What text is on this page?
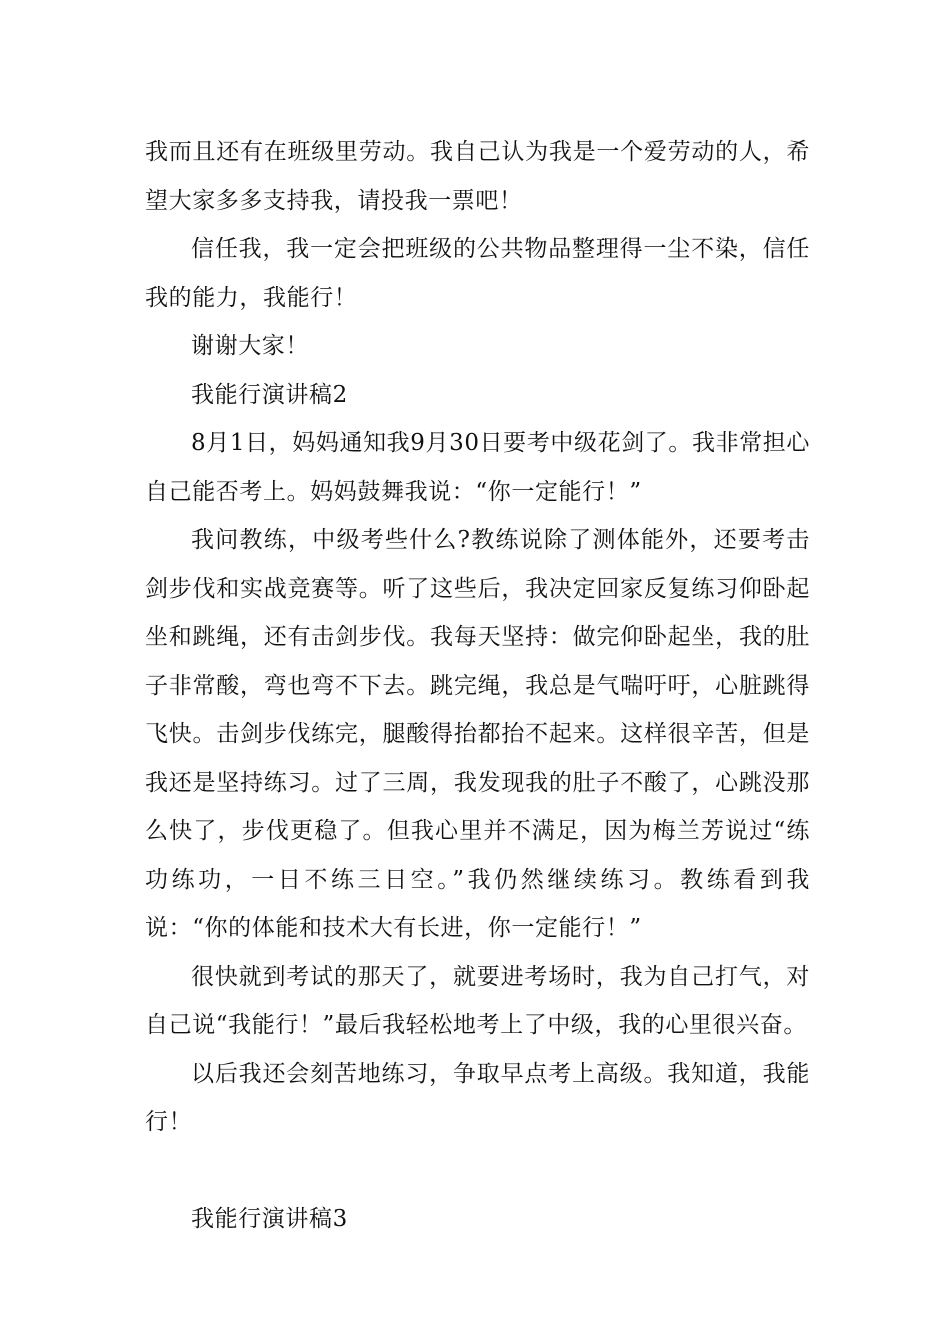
我而且还有在班级里劳动。我自己认为我是一个爱劳动的人，希望大家多多支持我，请投我一票吧！

信任我，我一定会把班级的公共物品整理得一尘不染，信任我的能力，我能行！

谢谢大家！

我能行演讲稿2

8月1日，妈妈通知我9月30日要考中级花剑了。我非常担心自己能否考上。妈妈鼓舞我说：“你一定能行！”

我问教练，中级考些什么?教练说除了测体能外，还要考击剑步伐和实战竞赛等。听了这些后，我决定回家反复练习仰卧起坐和跳绳，还有击剑步伐。我每天坚持：做完仰卧起坐，我的肚子非常酸，弯也弯不下去。跳完绳，我总是气喘吁吁，心脏跳得飞快。击剑步伐练完，腿酸得抬都抬不起来。这样很辛苦，但是我还是坚持练习。过了三周，我发现我的肚子不酸了，心跳没那么快了，步伐更稳了。但我心里并不满足，因为梅兰芳说过“练功练功，一日不练三日空。”我仍然继续练习。教练看到我说：“你的体能和技术大有长进，你一定能行！”

很快就到考试的那天了，就要进考场时，我为自己打气，对自己说“我能行！”最后我轻松地考上了中级，我的心里很兴奋。

以后我还会刻苦地练习，争取早点考上高级。我知道，我能行！

我能行演讲稿3
